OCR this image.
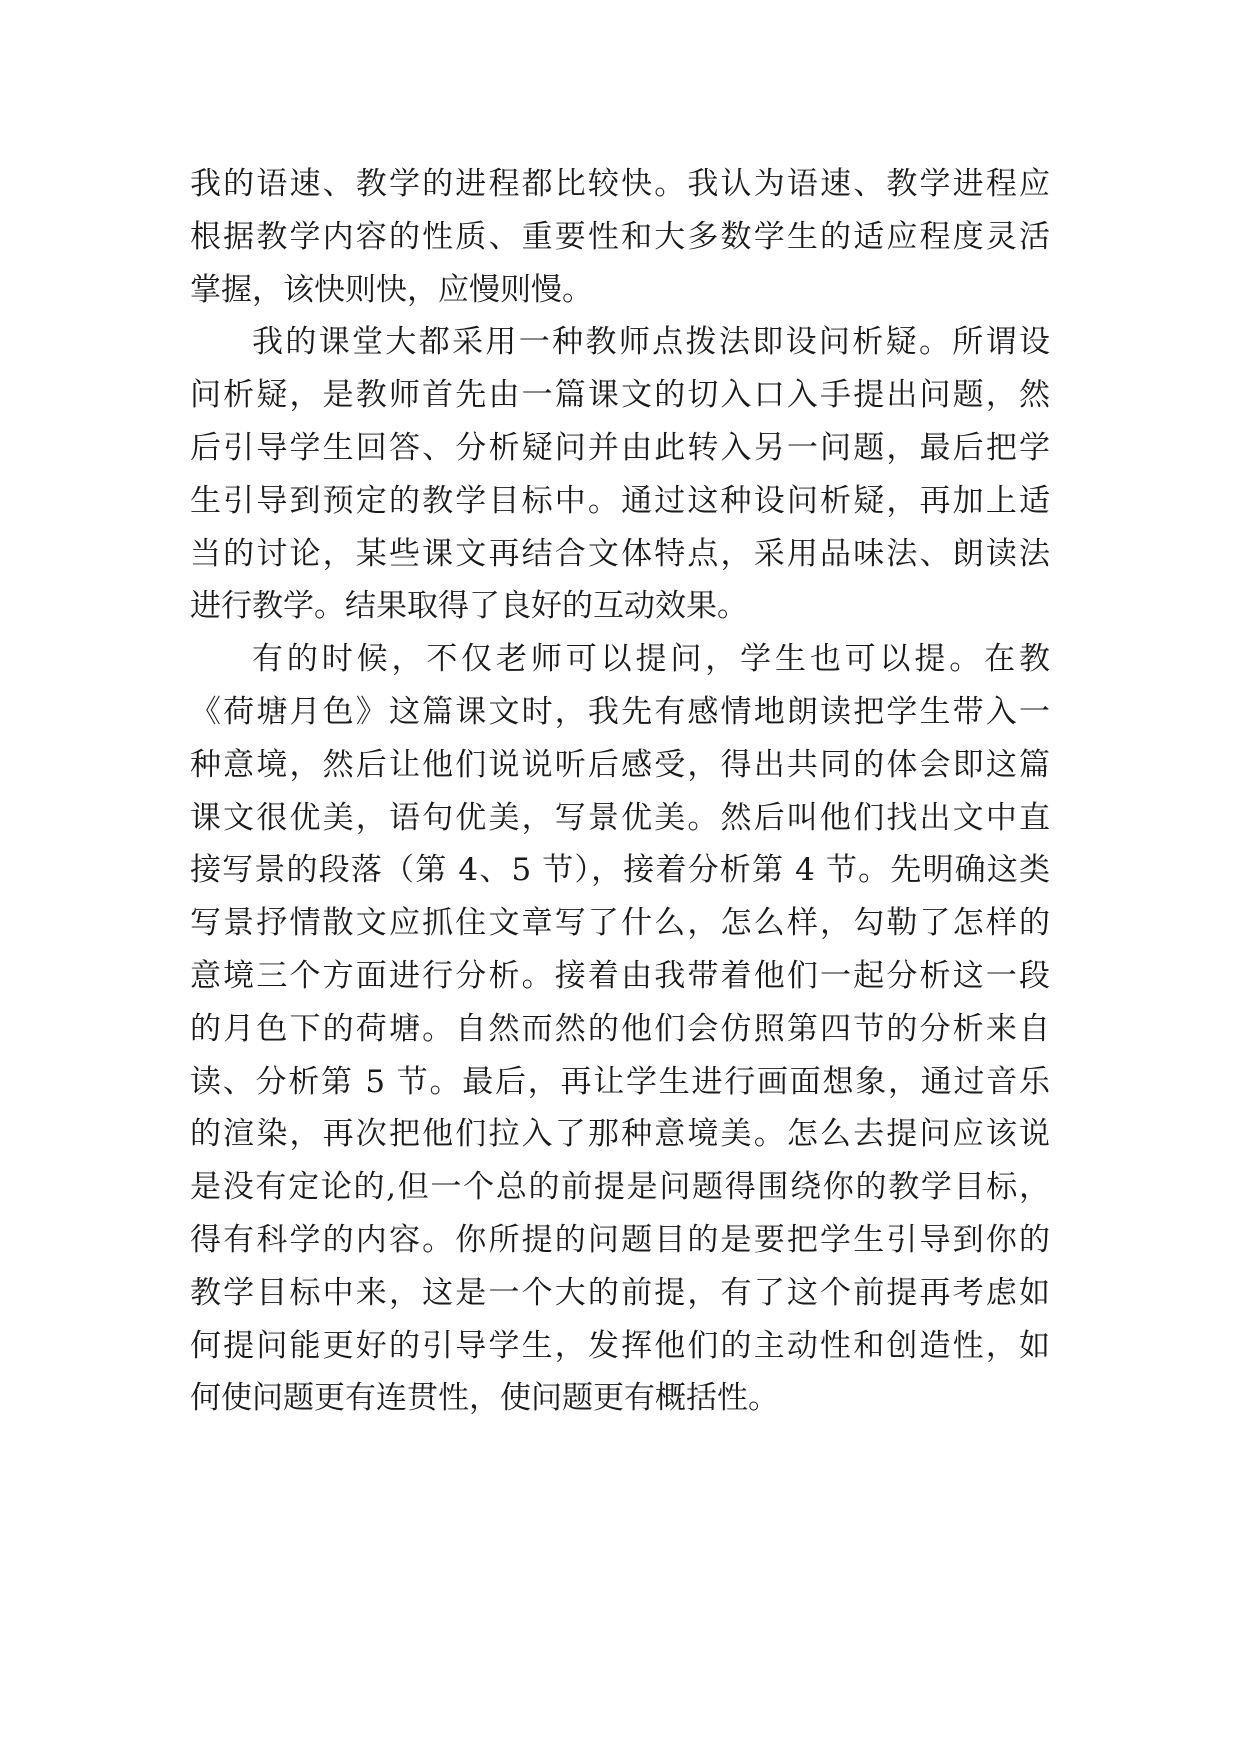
我的语速、教学的进程都比较快。我认为语速、教学进程应
根据教学内容的性质、重要性和大多数学生的适应程度灵活
掌握，该快则快，应慢则慢。
我的课堂大都采用一种教师点拨法即设问析疑。所谓设
问析疑，是教师首先由一篇课文的切入口入手提出问题，然
后引导学生回答、分析疑问并由此转入另一问题，最后把学
生引导到预定的教学目标中。通过这种设问析疑，再加上适
当的讨论，某些课文再结合文体特点，采用品味法、朗读法
进行教学。结果取得了良好的互动效果。
有的时候，不仅老师可以提问，学生也可以提。在教
《荷塘月色》这篇课文时，我先有感情地朗读把学生带入一
种意境，然后让他们说说听后感受，得出共同的体会即这篇
课文很优美，语句优美，写景优美。然后叫他们找出文中直
接写景的段落（第 4、5 节），接着分析第 4 节。先明确这类
写景抒情散文应抓住文章写了什么，怎么样，勾勒了怎样的
意境三个方面进行分析。接着由我带着他们一起分析这一段
的月色下的荷塘。自然而然的他们会仿照第四节的分析来自
读、分析第 5 节。最后，再让学生进行画面想象，通过音乐
的渲染，再次把他们拉入了那种意境美。怎么去提问应该说
是没有定论的,但一个总的前提是问题得围绕你的教学目标，
得有科学的内容。你所提的问题目的是要把学生引导到你的
教学目标中来，这是一个大的前提，有了这个前提再考虑如
何提问能更好的引导学生，发挥他们的主动性和创造性，如
何使问题更有连贯性，使问题更有概括性。
